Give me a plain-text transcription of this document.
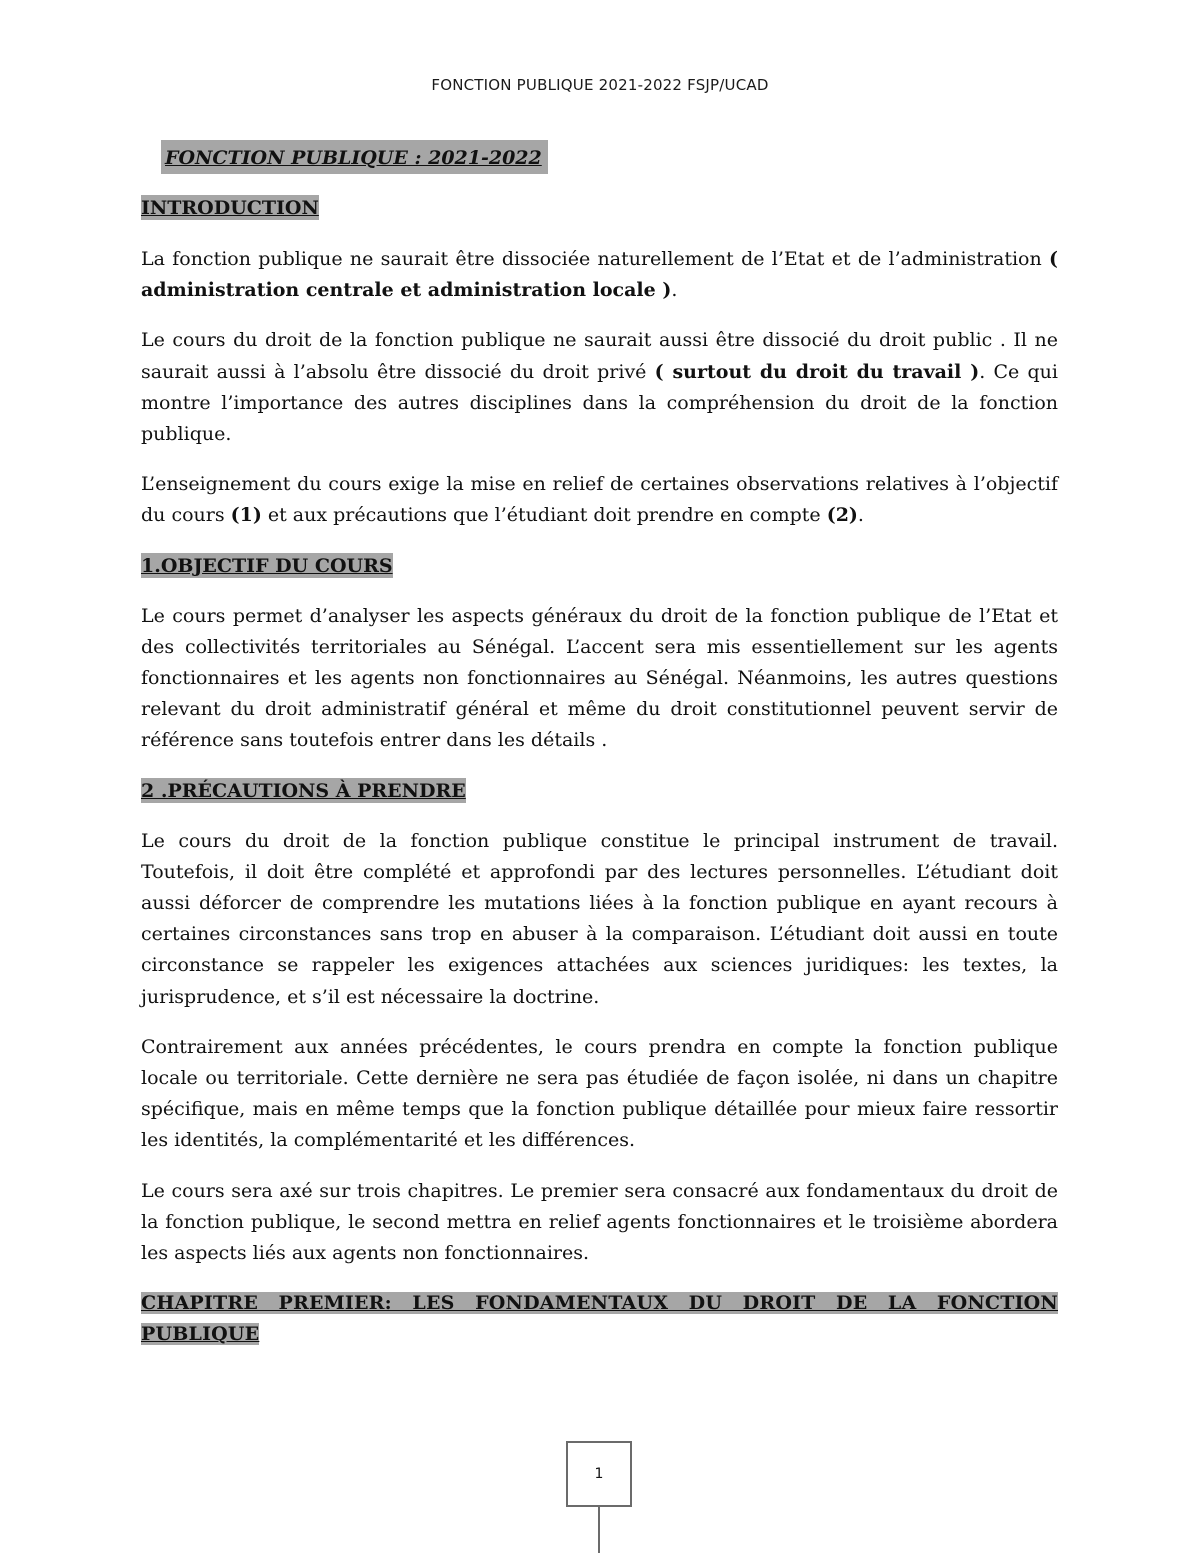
FONCTION PUBLIQUE 2021-2022 FSJP/UCAD
FONCTION PUBLIQUE : 2021-2022
INTRODUCTION

La fonction publique ne saurait être dissociée naturellement de l’Etat et de l’administration ( administration centrale et administration locale ).

Le cours du droit de la fonction publique ne saurait aussi être dissocié du droit public . Il ne saurait aussi à l’absolu être dissocié du droit privé ( surtout du droit du travail ). Ce qui montre l’importance des autres disciplines dans la compréhension du droit de la fonction publique.

L’enseignement du cours exige la mise en relief de certaines observations relatives à l’objectif du cours (1) et aux précautions que l’étudiant doit prendre en compte (2).

1.OBJECTIF DU COURS

Le cours permet d’analyser les aspects généraux du droit de la fonction publique de l’Etat et des collectivités territoriales au Sénégal. L’accent sera mis essentiellement sur les agents fonctionnaires et les agents non fonctionnaires au Sénégal. Néanmoins, les autres questions relevant du droit administratif général et même du droit constitutionnel peuvent servir de référence sans toutefois entrer dans les détails .

2 .PRÉCAUTIONS À PRENDRE

Le cours du droit de la fonction publique constitue le principal instrument de travail. Toutefois, il doit être complété et approfondi par des lectures personnelles. L’étudiant doit aussi déforcer de comprendre les mutations liées à la fonction publique en ayant recours à certaines circonstances sans trop en abuser à la comparaison. L’étudiant doit aussi en toute circonstance se rappeler les exigences attachées aux sciences juridiques: les textes, la jurisprudence, et s’il est nécessaire la doctrine.

Contrairement aux années précédentes, le cours prendra en compte la fonction publique locale ou territoriale. Cette dernière ne sera pas étudiée de façon isolée, ni dans un chapitre spécifique, mais en même temps que la fonction publique détaillée pour mieux faire ressortir les identités, la complémentarité et les différences.

Le cours sera axé sur trois chapitres. Le premier sera consacré aux fondamentaux du droit de la fonction publique, le second mettra en relief agents fonctionnaires et le troisième abordera les aspects liés aux agents non fonctionnaires.

CHAPITRE PREMIER: LES FONDAMENTAUX DU DROIT DE LA FONCTION PUBLIQUE

1
